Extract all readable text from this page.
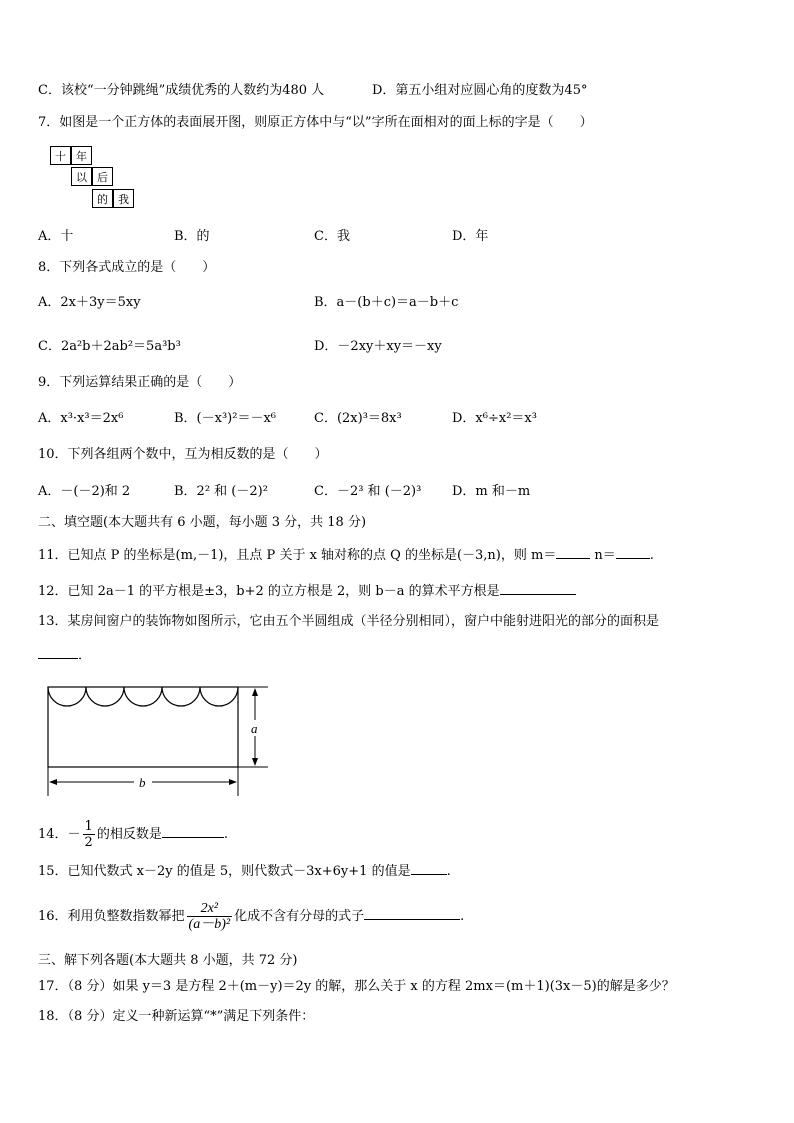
C．该校“一分钟跳绳”成绩优秀的人数约为480 人	D．第五小组对应圆心角的度数为45°
7．如图是一个正方体的表面展开图，则原正方体中与“以”字所在面相对的面上标的字是（　　）
十 年
以 后
的 我
A．十	B．的	C．我	D．年
8．下列各式成立的是（　　）
A．2x＋3y＝5xy	B．a－(b＋c)＝a－b＋c
C．2a²b＋2ab²＝5a³b³	D．－2xy＋xy＝－xy
9．下列运算结果正确的是（　　）
A．x³·x³＝2x⁶	B．(－x³)²＝－x⁶	C．(2x)³＝8x³	D．x⁶÷x²＝x³
10．下列各组两个数中，互为相反数的是（　　）
A．－(－2)和 2	B．2² 和 (－2)²	C．－2³ 和 (－2)³ D．m 和－m
二、填空题(本大题共有 6 小题，每小题 3 分，共 18 分)
11．已知点 P 的坐标是(m,－1)，且点 P 关于 x 轴对称的点 Q 的坐标是(－3,n)，则 m＝	n＝	.
12．已知 2a－1 的平方根是±3，b+2 的立方根是 2，则 b－a 的算术平方根是
13．某房间窗户的装饰物如图所示，它由五个半圆组成（半径分别相同），窗户中能射进阳光的部分的面积是
．
a
b
14．－ $\frac{1}{2}$ 的相反数是	.
15．已知代数式 x－2y 的值是 5，则代数式－3x+6y+1 的值是	.
16．利用负整数指数幂把 $\frac{\text{2x²}}{\text{(a－b)²}}$ 化成不含有分母的式子	.
三、解下列各题(本大题共 8 小题，共 72 分)
17．（8 分）如果 y＝3 是方程 2＋(m－y)＝2y 的解，那么关于 x 的方程 2mx＝(m＋1)(3x－5)的解是多少？
18．（8 分）定义一种新运算“*”满足下列条件：
